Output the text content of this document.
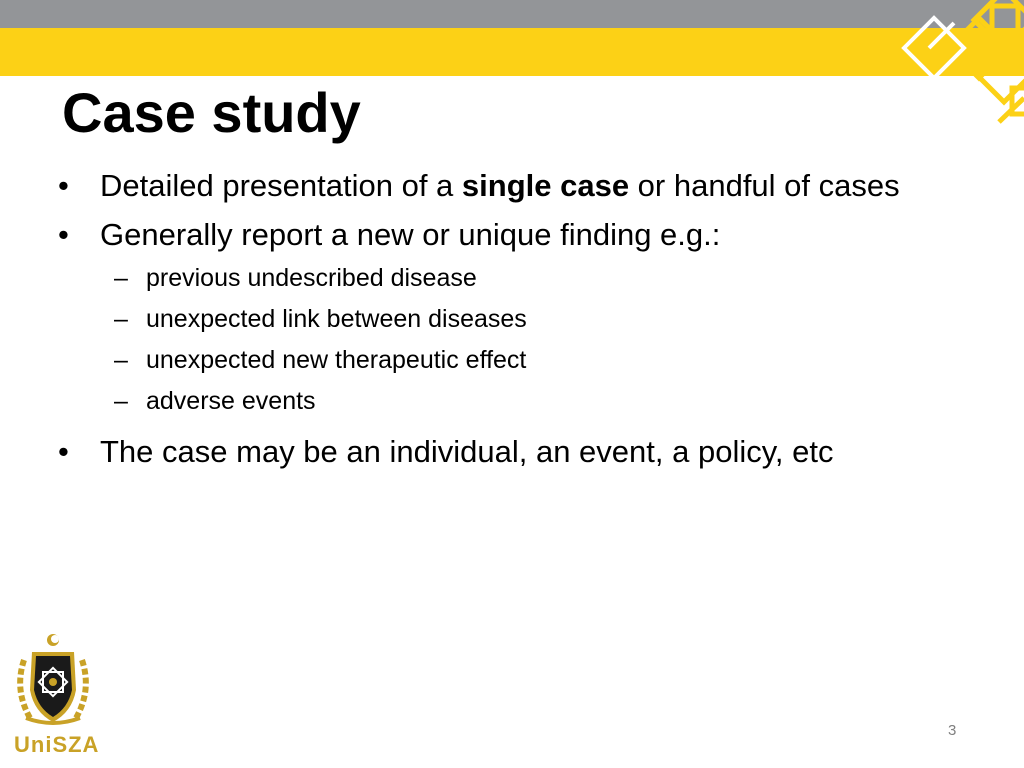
Case study
• Detailed presentation of a single case or handful of cases
• Generally report a new or unique finding e.g.:
– previous undescribed disease
– unexpected link between diseases
– unexpected new therapeutic effect
– adverse events
• The case may be an individual, an event, a policy, etc
UniSZA
3
